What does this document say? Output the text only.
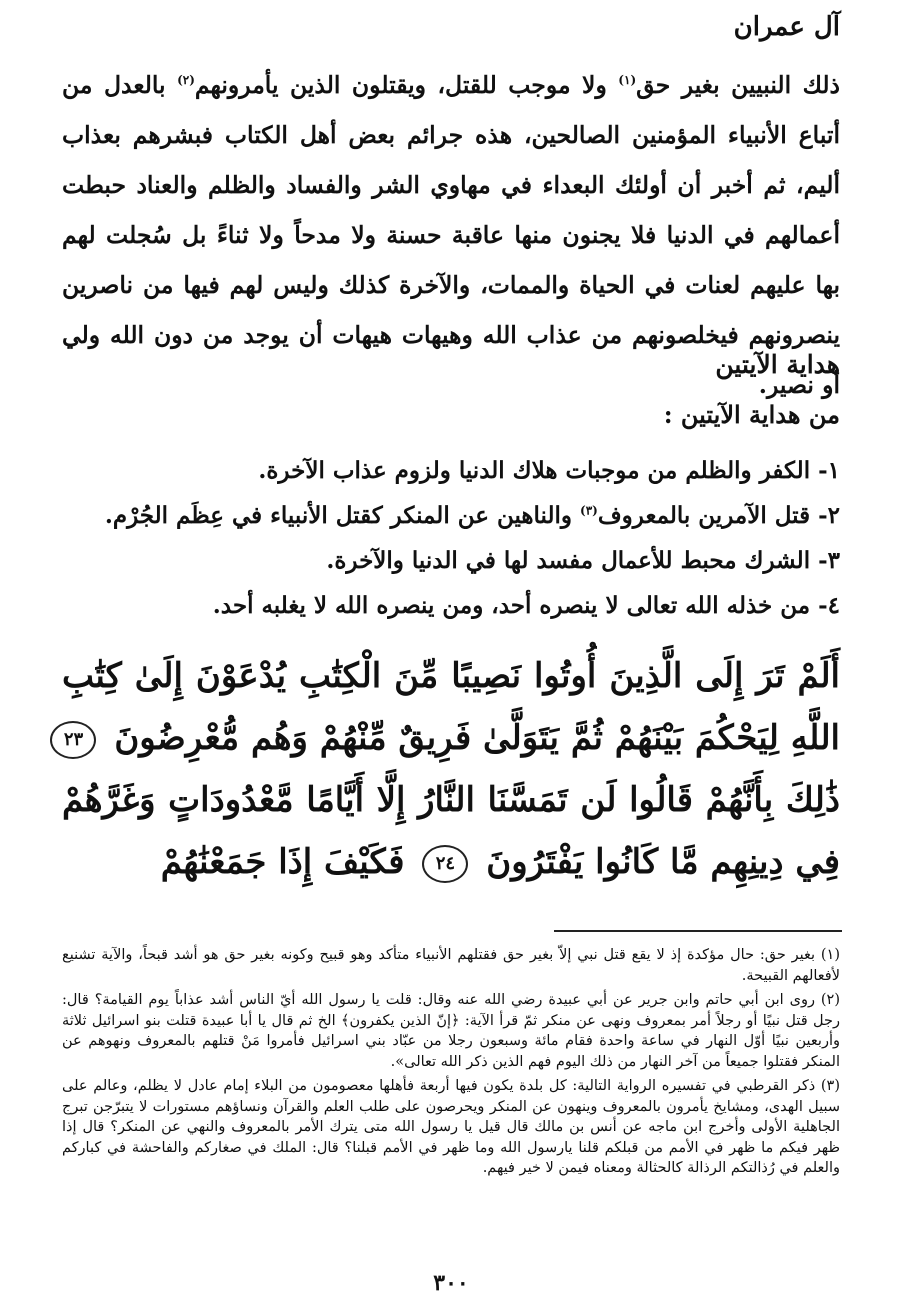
آل عمران
ذلك النبيين بغير حق$^{(١)}$ ولا موجب للقتل، ويقتلون الذين يأمرونهم$^{(٢)}$ بالعدل من أتباع الأنبياء المؤمنين الصالحين، هذه جرائم بعض أهل الكتاب فبشرهم بعذاب أليم، ثم أخبر أن أولئك البعداء في مهاوي الشر والفساد والظلم والعناد حبطت أعمالهم في الدنيا فلا يجنون منها عاقبة حسنة ولا مدحاً ولا ثناءً بل سُجلت لهم بها عليهم لعنات في الحياة والممات، والآخرة كذلك وليس لهم فيها من ناصرين ينصرونهم فيخلصونهم من عذاب الله وهيهات هيهات أن يوجد من دون الله ولي أو نصير.
هداية الآيتين
من هداية الآيتين :
١- الكفر والظلم من موجبات هلاك الدنيا ولزوم عذاب الآخرة.
٢- قتل الآمرين بالمعروف$^{(٣)}$ والناهين عن المنكر كقتل الأنبياء في عِظَم الجُرْم.
٣- الشرك محبط للأعمال مفسد لها في الدنيا والآخرة.
٤- من خذله الله تعالى لا ينصره أحد، ومن ينصره الله لا يغلبه أحد.
أَلَمْ تَرَ إِلَى الَّذِينَ أُوتُوا نَصِيبًا مِّنَ الْكِتَٰبِ يُدْعَوْنَ إِلَىٰ كِتَٰبِ
اللَّهِ لِيَحْكُمَ بَيْنَهُمْ ثُمَّ يَتَوَلَّىٰ فَرِيقٌ مِّنْهُمْ وَهُم مُّعْرِضُونَ ٢٣
ذَٰلِكَ بِأَنَّهُمْ قَالُوا لَن تَمَسَّنَا النَّارُ إِلَّا أَيَّامًا مَّعْدُودَاتٍ وَغَرَّهُمْ
فِي دِينِهِم مَّا كَانُوا يَفْتَرُونَ ٢٤ فَكَيْفَ إِذَا جَمَعْنَٰهُمْ

(١) بغير حق: حال مؤكدة إذ لا يقع قتل نبي إلاّ بغير حق فقتلهم الأنبياء متأكد وهو قبيح وكونه بغير حق هو أشد قبحاً، والآية تشنيع لأفعالهم القبيحة.

(٢) روى ابن أبي حاتم وابن جرير عن أبي عبيدة رضي الله عنه وقال: قلت يا رسول الله أيّ الناس أشد عذاباً يوم القيامة؟ قال: رجل قتل نبيًا أو رجلاً أمر بمعروف ونهى عن منكر ثمّ قرأ الآية: ﴿إنّ الذين يكفرون﴾ الخ ثم قال يا أبا عبيدة قتلت بنو اسرائيل ثلاثة وأربعين نبيًا أوّل النهار في ساعة واحدة فقام مائة وسبعون رجلا من عبّاد بني اسرائيل فأمروا مَنْ قتلهم بالمعروف ونهوهم عن المنكر فقتلوا جميعاً من آخر النهار من ذلك اليوم فهم الذين ذكر الله تعالى».

(٣) ذكر القرطبي في تفسيره الرواية التالية: كل بلدة يكون فيها أربعة فأهلها معصومون من البلاء إمام عادل لا يظلم، وعالم على سبيل الهدى، ومشايخ يأمرون بالمعروف وينهون عن المنكر ويحرصون على طلب العلم والقرآن ونساؤهم مستورات لا يتبرّجن تبرج الجاهلية الأولى وأخرج ابن ماجه عن أنس بن مالك قال قيل يا رسول الله متى يترك الأمر بالمعروف والنهي عن المنكر؟ قال إذا ظهر فيكم ما ظهر في الأمم من قبلكم قلنا يارسول الله وما ظهر في الأمم قبلنا؟ قال: الملك في صغاركم والفاحشة في كباركم والعلم في رُذالتكم الرذالة كالحثالة ومعناه فيمن لا خير فيهم.

٣٠٠
